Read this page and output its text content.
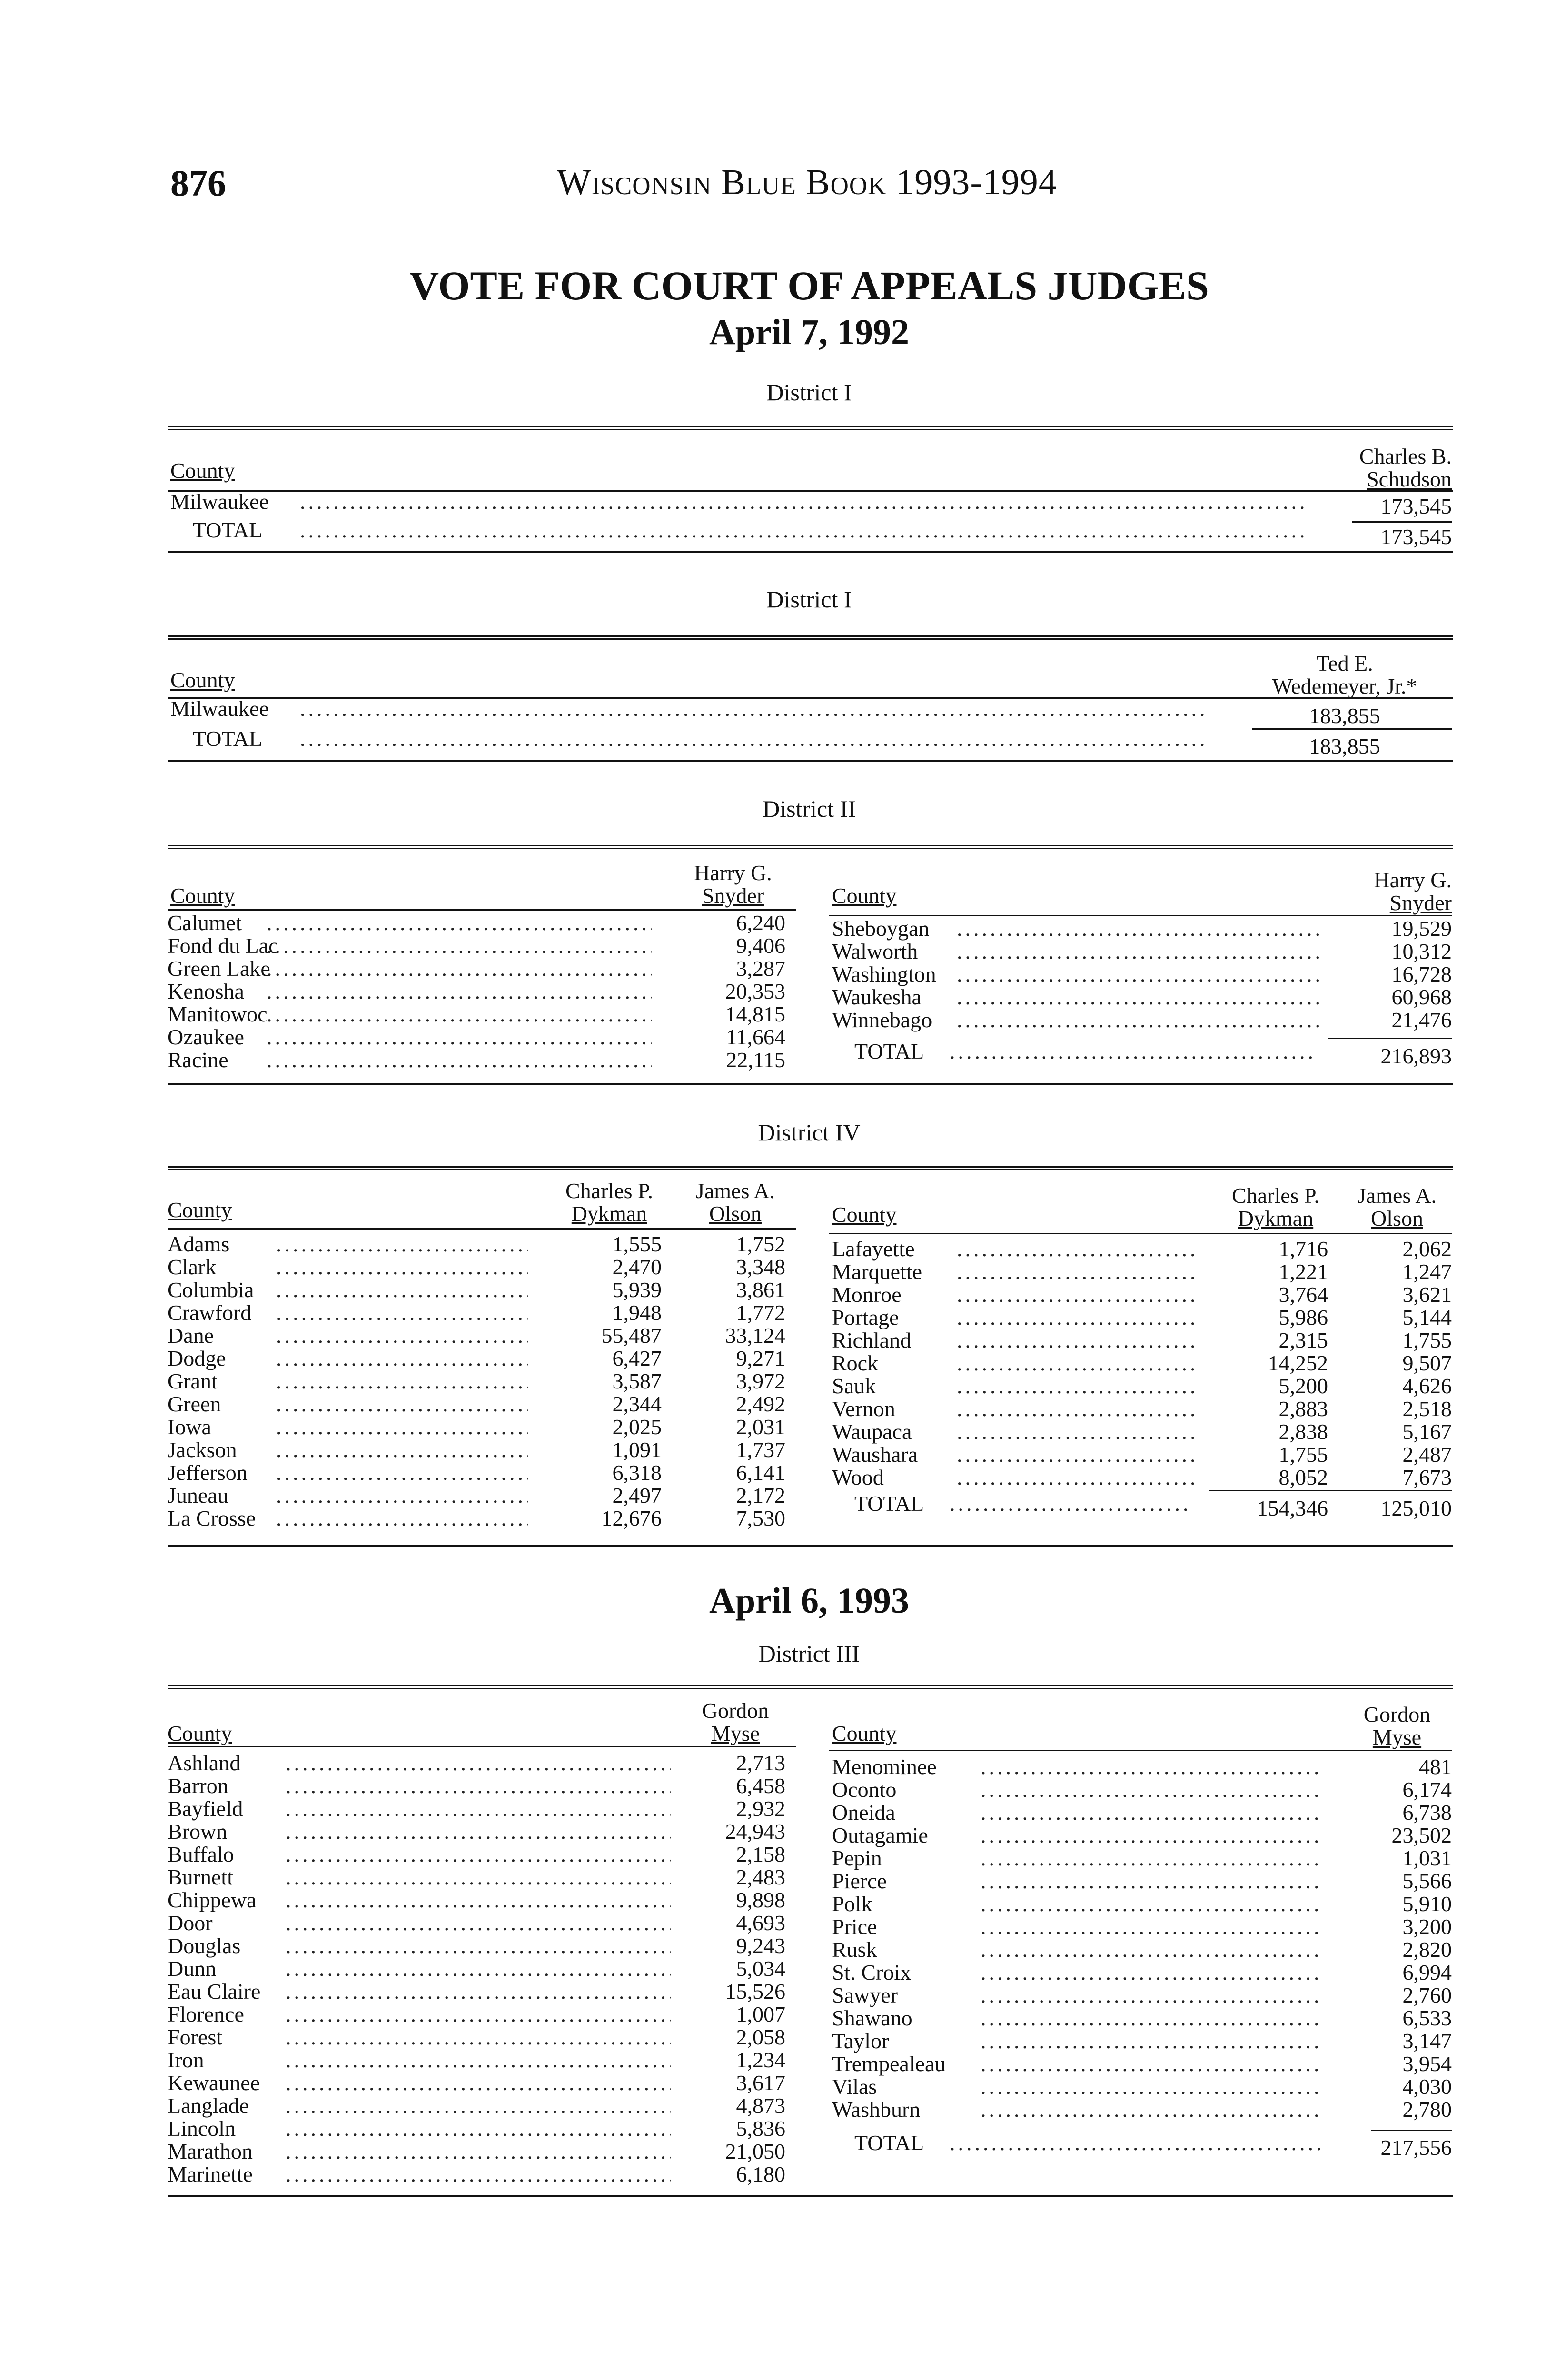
876	Wisconsin Blue Book 1993-1994
VOTE FOR COURT OF APPEALS JUDGES
April 7, 1992
District I
Charles B.
Schudson
County
Milwaukee .....	173,545
TOTAL .....	173,545
District I
Ted E.
Wedemeyer, Jr.*
County
Milwaukee .....	183,855
TOTAL .....	183,855
District II
Harry G.
Snyder
County	County
Harry G.
Snyder
Calumet .....	6,240
Fond du Lac .....	9,406
Green Lake .....	3,287
Kenosha .....	20,353
Manitowoc .....	14,815
Ozaukee .....	11,664
Racine .....	22,115
Sheboygan .....	19,529
Walworth .....	10,312
Washington .....	16,728
Waukesha .....	60,968
Winnebago .....	21,476
TOTAL .....	216,893
District IV
Charles P.
Dykman
James A.
Olson
County	County
Charles P.
Dykman
James A.
Olson
Adams .....	1,555	1,752
Clark .....	2,470	3,348
Columbia .....	5,939	3,861
Crawford .....	1,948	1,772
Dane .....	55,487	33,124
Dodge .....	6,427	9,271
Grant .....	3,587	3,972
Green .....	2,344	2,492
Iowa .....	2,025	2,031
Jackson .....	1,091	1,737
Jefferson .....	6,318	6,141
Juneau .....	2,497	2,172
La Crosse .....	12,676	7,530
Lafayette .....	1,716	2,062
Marquette .....	1,221	1,247
Monroe .....	3,764	3,621
Portage .....	5,986	5,144
Richland .....	2,315	1,755
Rock .....	14,252	9,507
Sauk .....	5,200	4,626
Vernon .....	2,883	2,518
Waupaca .....	2,838	5,167
Waushara .....	1,755	2,487
Wood .....	8,052	7,673
TOTAL .....	154,346	125,010
April 6, 1993
District III
Gordon
Myse
County	County
Gordon
Myse
Ashland .....	2,713
Barron .....	6,458
Bayfield .....	2,932
Brown .....	24,943
Buffalo .....	2,158
Burnett .....	2,483
Chippewa .....	9,898
Door .....	4,693
Douglas .....	9,243
Dunn .....	5,034
Eau Claire .....	15,526
Florence .....	1,007
Forest .....	2,058
Iron .....	1,234
Kewaunee .....	3,617
Langlade .....	4,873
Lincoln .....	5,836
Marathon .....	21,050
Marinette .....	6,180
Menominee .....	481
Oconto .....	6,174
Oneida .....	6,738
Outagamie .....	23,502
Pepin .....	1,031
Pierce .....	5,566
Polk .....	5,910
Price .....	3,200
Rusk .....	2,820
St. Croix .....	6,994
Sawyer .....	2,760
Shawano .....	6,533
Taylor .....	3,147
Trempealeau .....	3,954
Vilas .....	4,030
Washburn .....	2,780
TOTAL .....	217,556
